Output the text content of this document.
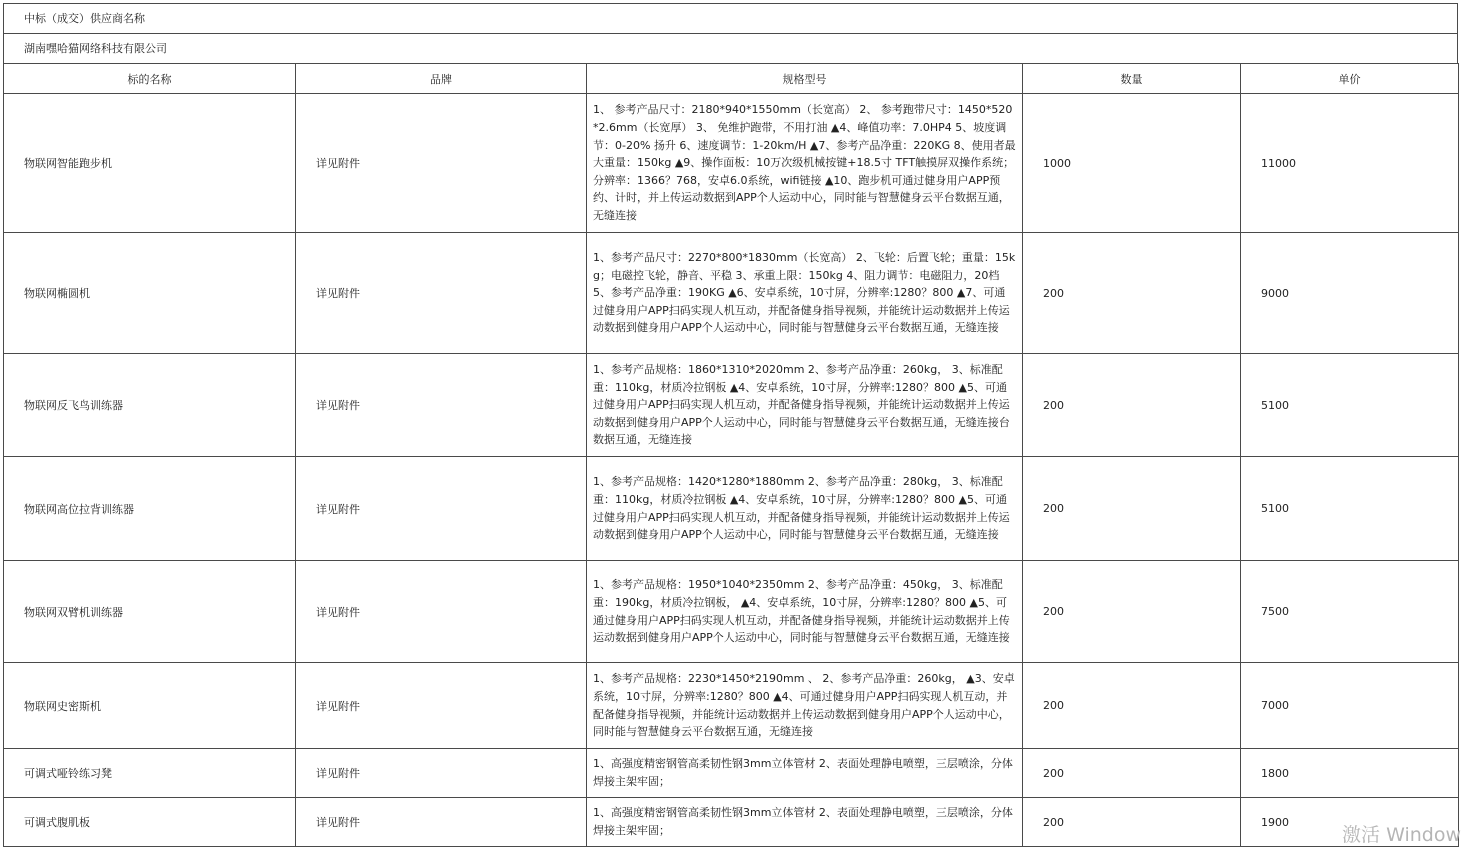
中标（成交）供应商名称
湖南嘿哈猫网络科技有限公司
标的名称	品牌	规格型号	数量	单价
物联网智能跑步机	详见附件	1、 参考产品尺寸：2180*940*1550mm（长宽高） 2、 参考跑带尺寸：1450*520*2.6mm（长宽厚） 3、 免维护跑带，不用打油 ▲4、峰值功率：7.0HP4 5、坡度调节：0-20% 扬升 6、速度调节：1-20km/H ▲7、参考产品净重：220KG 8、使用者最大重量：150kg ▲9、操作面板：10万次级机械按键+18.5寸 TFT触摸屏双操作系统；分辨率：1366？768，安卓6.0系统，wifi链接 ▲10、跑步机可通过健身用户APP预约、计时，并上传运动数据到APP个人运动中心，同时能与智慧健身云平台数据互通，无缝连接	1000	11000
物联网椭圆机	详见附件	1、参考产品尺寸：2270*800*1830mm（长宽高） 2、飞轮：后置飞轮；重量：15kg；电磁控飞轮，静音、平稳 3、承重上限：150kg 4、阻力调节：电磁阻力，20档 5、参考产品净重：190KG ▲6、安卓系统，10寸屏，分辨率:1280？800 ▲7、可通过健身用户APP扫码实现人机互动，并配备健身指导视频，并能统计运动数据并上传运动数据到健身用户APP个人运动中心，同时能与智慧健身云平台数据互通，无缝连接	200	9000
物联网反飞鸟训练器	详见附件	1、参考产品规格：1860*1310*2020mm 2、参考产品净重：260kg， 3、标准配重：110kg，材质冷拉钢板 ▲4、安卓系统，10寸屏，分辨率:1280？800 ▲5、可通过健身用户APP扫码实现人机互动，并配备健身指导视频，并能统计运动数据并上传运动数据到健身用户APP个人运动中心，同时能与智慧健身云平台数据互通，无缝连接台数据互通，无缝连接	200	5100
物联网高位拉背训练器	详见附件	1、参考产品规格：1420*1280*1880mm 2、参考产品净重：280kg， 3、标准配重：110kg，材质冷拉钢板 ▲4、安卓系统，10寸屏，分辨率:1280？800 ▲5、可通过健身用户APP扫码实现人机互动，并配备健身指导视频，并能统计运动数据并上传运动数据到健身用户APP个人运动中心，同时能与智慧健身云平台数据互通，无缝连接	200	5100
物联网双臂机训练器	详见附件	1、参考产品规格：1950*1040*2350mm 2、参考产品净重：450kg， 3、标准配重：190kg，材质冷拉钢板， ▲4、安卓系统，10寸屏，分辨率:1280？800 ▲5、可通过健身用户APP扫码实现人机互动，并配备健身指导视频，并能统计运动数据并上传运动数据到健身用户APP个人运动中心，同时能与智慧健身云平台数据互通，无缝连接	200	7500
物联网史密斯机	详见附件	1、参考产品规格：2230*1450*2190mm 、 2、参考产品净重：260kg， ▲3、安卓系统，10寸屏，分辨率:1280？800 ▲4、可通过健身用户APP扫码实现人机互动，并配备健身指导视频，并能统计运动数据并上传运动数据到健身用户APP个人运动中心，同时能与智慧健身云平台数据互通，无缝连接	200	7000
可调式哑铃练习凳	详见附件	1、高强度精密钢管高柔韧性钢3mm立体管材 2、表面处理静电喷塑，三层喷涂，分体焊接主架牢固；	200	1800
可调式腹肌板	详见附件	1、高强度精密钢管高柔韧性钢3mm立体管材 2、表面处理静电喷塑，三层喷涂，分体焊接主架牢固；	200	1900
激活 Window
